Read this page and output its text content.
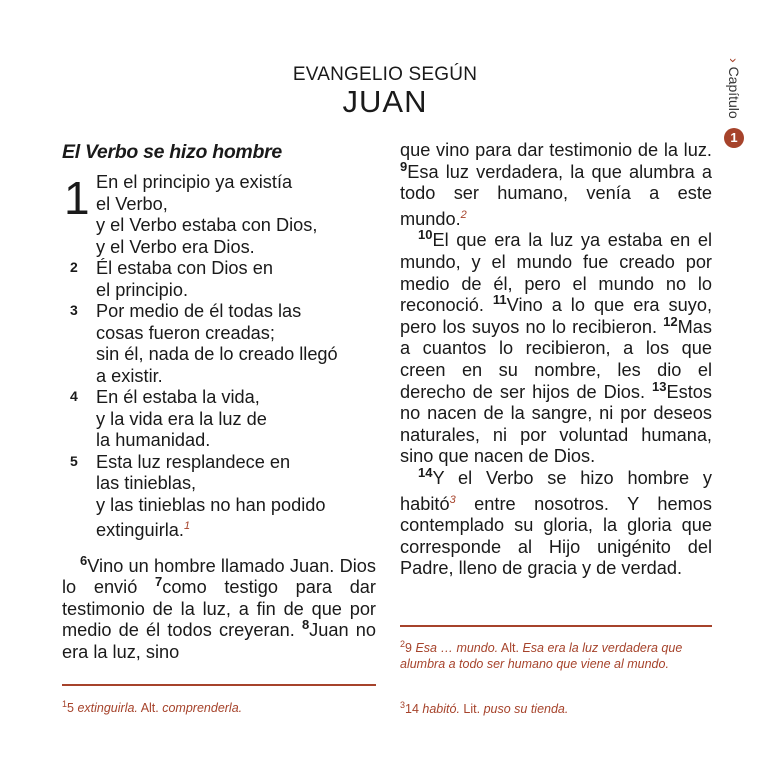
EVANGELIO SEGÚN
JUAN
› Capítulo
1
El Verbo se hizo hombre
1 En el principio ya existía
el Verbo,
y el Verbo estaba con Dios,
y el Verbo era Dios.
2 Él estaba con Dios en
el principio.
3 Por medio de él todas las
cosas fueron creadas;
sin él, nada de lo creado llegó
a existir.
4 En él estaba la vida,
y la vida era la luz de
la humanidad.
5 Esta luz resplandece en
las tinieblas,
y las tinieblas no han podido
extinguirla.$^1$

$^6$Vino un hombre llamado Juan. Dios lo envió $^7$como testigo para dar testimonio de la luz, a fin de que por medio de él todos creyeran. $^8$Juan no era la luz, sino

que vino para dar testimonio de la luz. $^9$Esa luz verdadera, la que alumbra a todo ser humano, venía a este mundo.$^2$

$^{10}$El que era la luz ya estaba en el mundo, y el mundo fue creado por medio de él, pero el mundo no lo reconoció. $^{11}$Vino a lo que era suyo, pero los suyos no lo recibieron. $^{12}$Mas a cuantos lo recibieron, a los que creen en su nombre, les dio el derecho de ser hijos de Dios. $^{13}$Estos no nacen de la sangre, ni por deseos naturales, ni por voluntad humana, sino que nacen de Dios.

$^{14}$Y el Verbo se hizo hombre y habitó$^3$ entre nosotros. Y hemos contemplado su gloria, la gloria que corresponde al Hijo unigénito del Padre, lleno de gracia y de verdad.

$^1$5 extinguirla. Alt. comprenderla.
$^2$9 Esa … mundo. Alt. Esa era la luz verdadera que alumbra a todo ser humano que viene al mundo.
$^3$14 habitó. Lit. puso su tienda.
